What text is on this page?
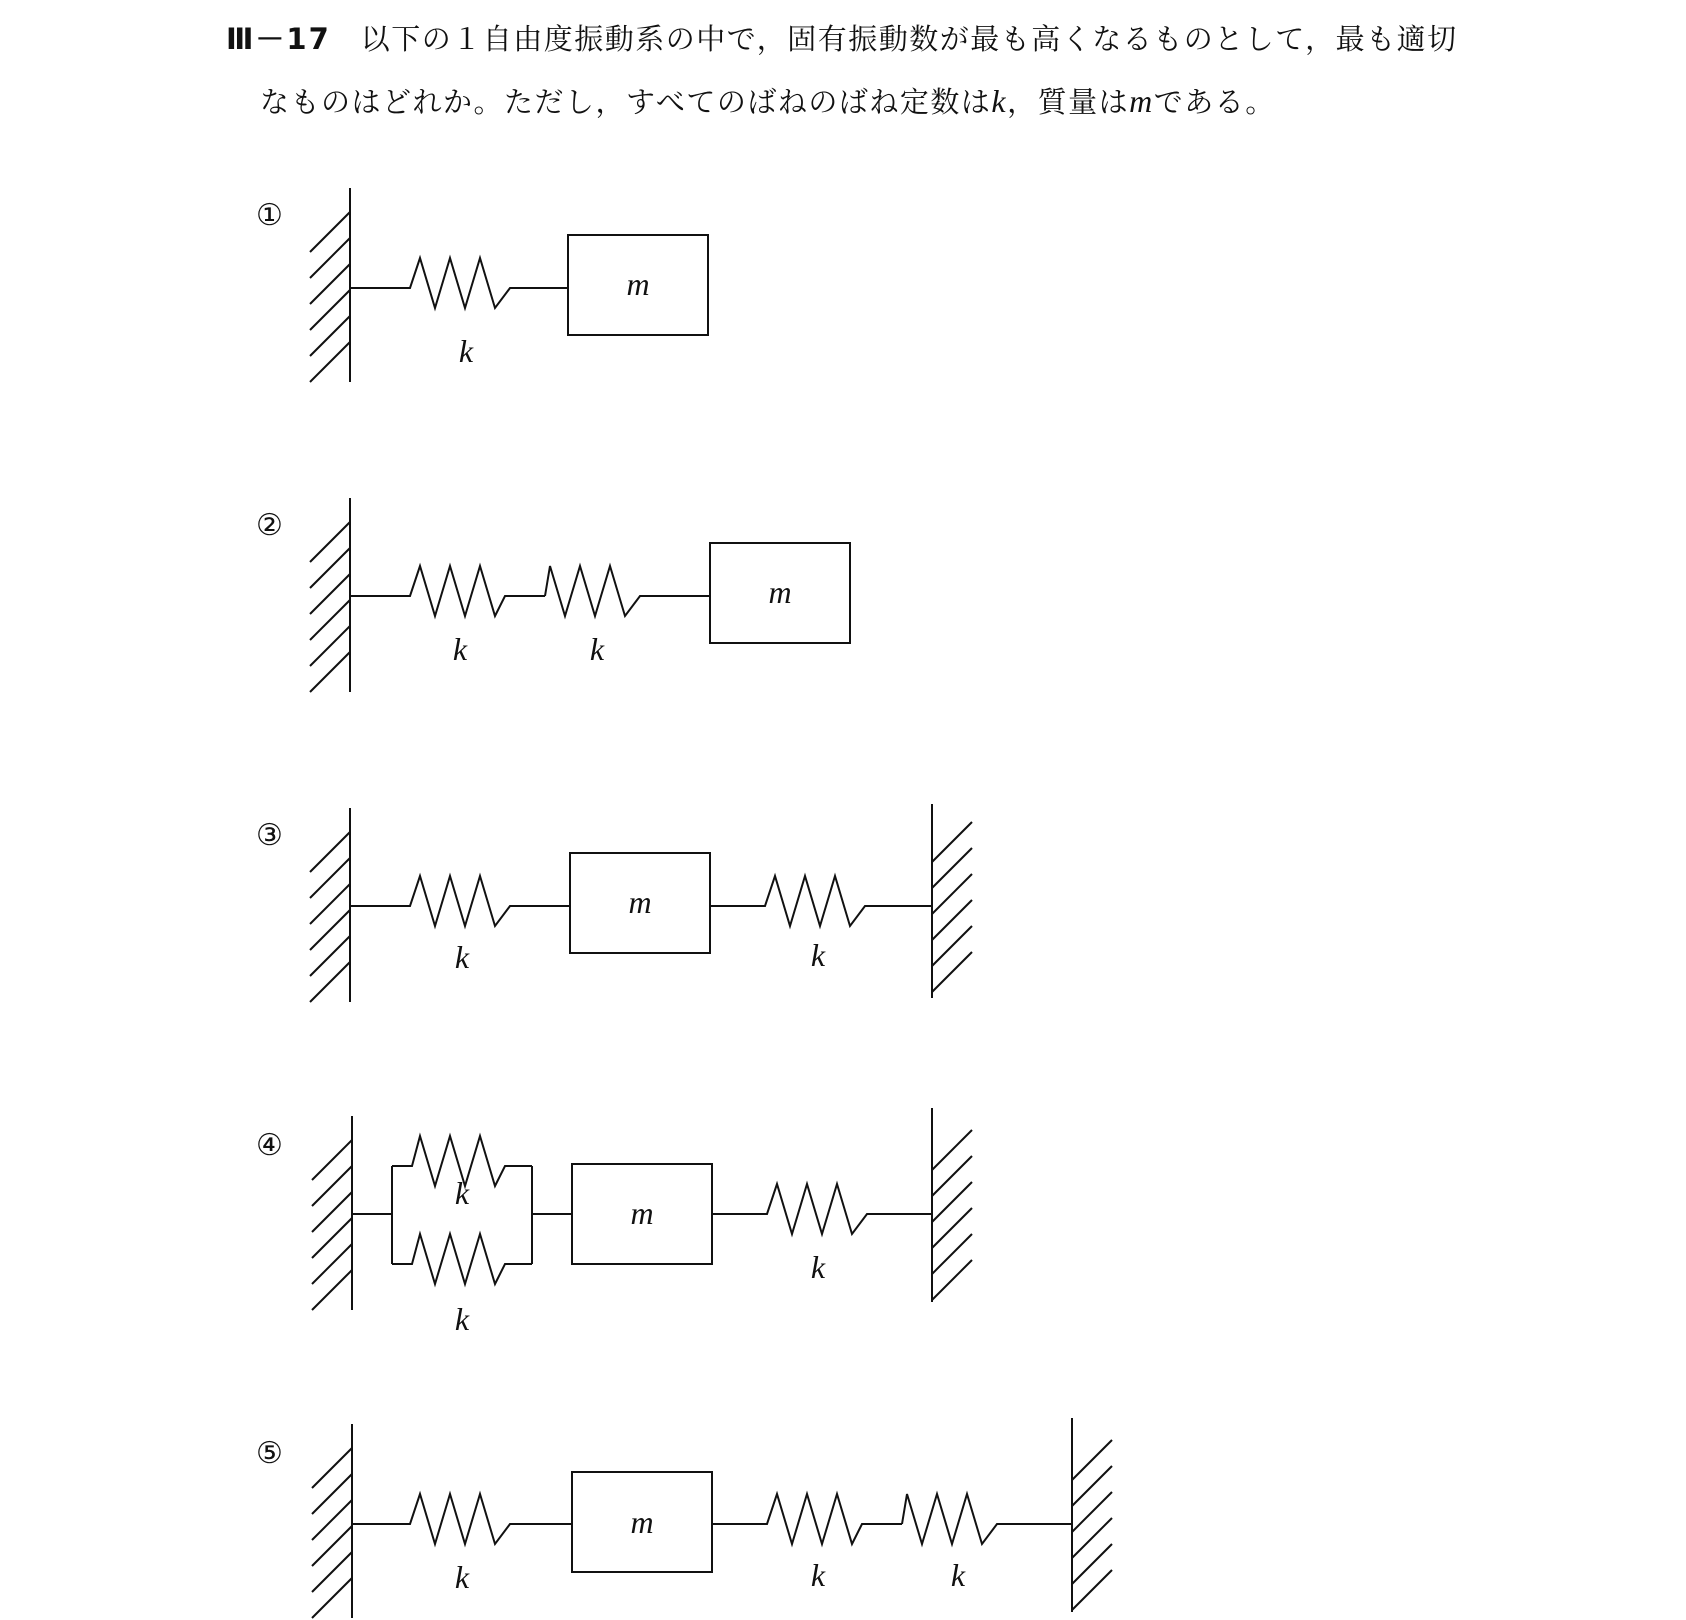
Ⅲ－17 以下の１自由度振動系の中で，固有振動数が最も高くなるものとして，最も適切
なものはどれか。ただし，すべてのばねのばね定数はk，質量はmである。
①
m
k
②
m
k	k
③
m
k	k
④
m
k
k
k
⑤
m
k	k	k
